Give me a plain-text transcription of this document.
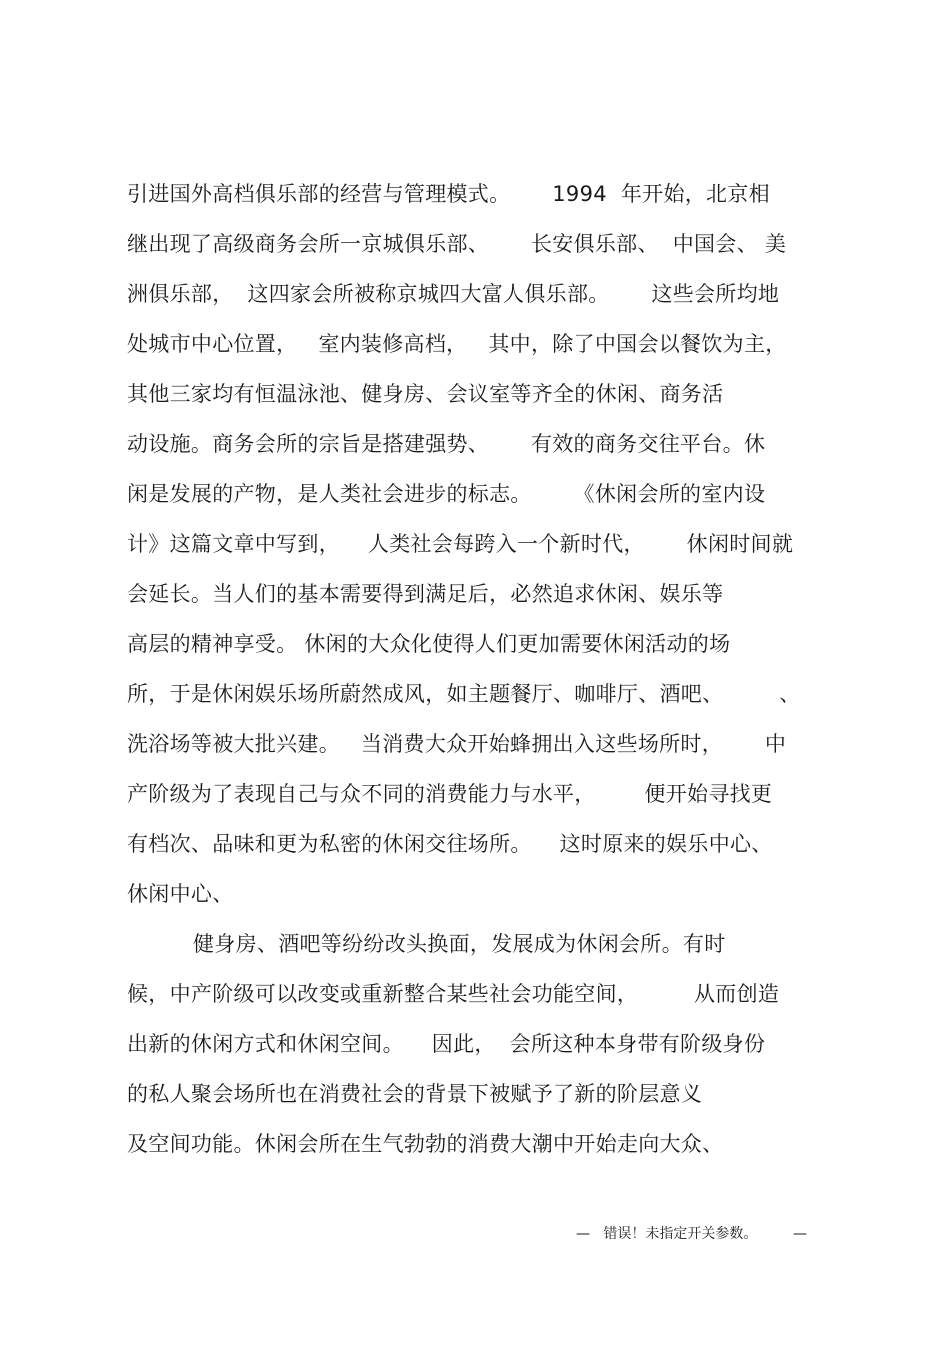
引进国外高档俱乐部的经营与管理模式。      1994  年开始，北京相
继出现了高级商务会所一京城俱乐部、      长安俱乐部、  中国会、 美
洲俱乐部，  这四家会所被称京城四大富人俱乐部。      这些会所均地
处城市中心位置，   室内装修高档，   其中，除了中国会以餐饮为主，
其他三家均有恒温泳池、健身房、会议室等齐全的休闲、商务活
动设施。商务会所的宗旨是搭建强势、      有效的商务交往平台。休
闲是发展的产物，是人类社会进步的标志。      《休闲会所的室内设
计》这篇文章中写到，    人类社会每跨入一个新时代，      休闲时间就
会延长。当人们的基本需要得到满足后，必然追求休闲、娱乐等
高层的精神享受。 休闲的大众化使得人们更加需要休闲活动的场
所，于是休闲娱乐场所蔚然成风，如主题餐厅、咖啡厅、酒吧、        、
洗浴场等被大批兴建。   当消费大众开始蜂拥出入这些场所时，      中
产阶级为了表现自己与众不同的消费能力与水平，       便开始寻找更
有档次、品味和更为私密的休闲交往场所。    这时原来的娱乐中心、
休闲中心、
健身房、酒吧等纷纷改头换面，发展成为休闲会所。有时
候，中产阶级可以改变或重新整合某些社会功能空间，        从而创造
出新的休闲方式和休闲空间。    因此，  会所这种本身带有阶级身份
的私人聚会场所也在消费社会的背景下被赋予了新的阶层意义
及空间功能。休闲会所在生气勃勃的消费大潮中开始走向大众、
—   错误！未指定开关参数。        —
